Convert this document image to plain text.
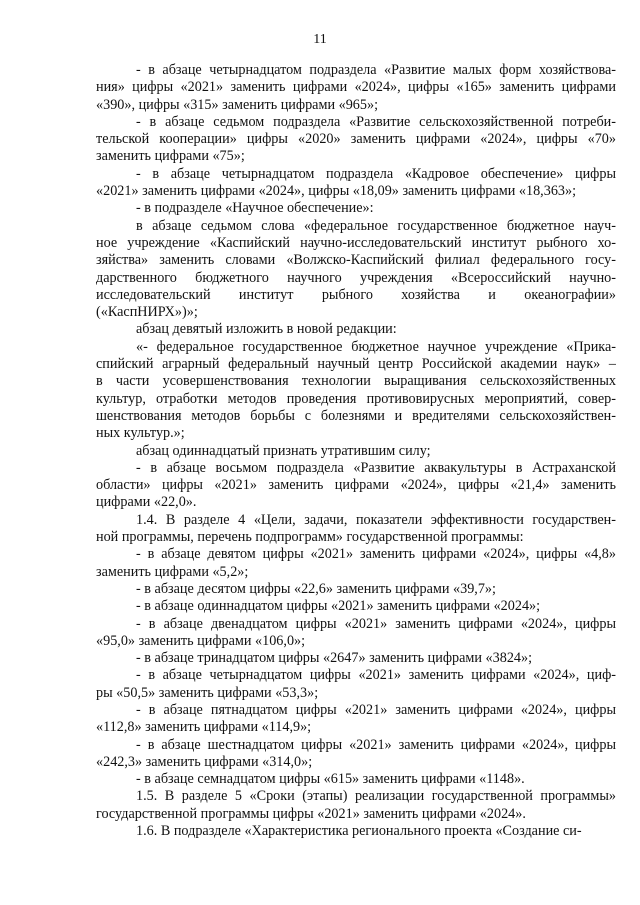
11
- в абзаце четырнадцатом подраздела «Развитие малых форм хозяйствова-
ния» цифры «2021» заменить цифрами «2024», цифры «165» заменить цифрами
«390», цифры «315» заменить цифрами «965»;
- в абзаце седьмом подраздела «Развитие сельскохозяйственной потреби-
тельской кооперации» цифры «2020» заменить цифрами «2024», цифры «70»
заменить цифрами «75»;
- в абзаце четырнадцатом подраздела «Кадровое обеспечение» цифры
«2021» заменить цифрами «2024», цифры «18,09» заменить цифрами «18,363»;
- в подразделе «Научное обеспечение»:
в абзаце седьмом слова «федеральное государственное бюджетное науч-
ное учреждение «Каспийский научно-исследовательский институт рыбного хо-
зяйства» заменить словами «Волжско-Каспийский филиал федерального госу-
дарственного бюджетного научного учреждения «Всероссийский научно-
исследовательский институт рыбного хозяйства и океанографии»
(«КаспНИРХ»)»;
абзац девятый изложить в новой редакции:
«- федеральное государственное бюджетное научное учреждение «Прика-
спийский аграрный федеральный научный центр Российской академии наук» –
в части усовершенствования технологии выращивания сельскохозяйственных
культур, отработки методов проведения противовирусных мероприятий, совер-
шенствования методов борьбы с болезнями и вредителями сельскохозяйствен-
ных культур.»;
абзац одиннадцатый признать утратившим силу;
- в абзаце восьмом подраздела «Развитие аквакультуры в Астраханской
области» цифры «2021» заменить цифрами «2024», цифры «21,4» заменить
цифрами «22,0».
1.4. В разделе 4 «Цели, задачи, показатели эффективности государствен-
ной программы, перечень подпрограмм» государственной программы:
- в абзаце девятом цифры «2021» заменить цифрами «2024», цифры «4,8»
заменить цифрами «5,2»;
- в абзаце десятом цифры «22,6» заменить цифрами «39,7»;
- в абзаце одиннадцатом цифры «2021» заменить цифрами «2024»;
- в абзаце двенадцатом цифры «2021» заменить цифрами «2024», цифры
«95,0» заменить цифрами «106,0»;
- в абзаце тринадцатом цифры «2647» заменить цифрами «3824»;
- в абзаце четырнадцатом цифры «2021» заменить цифрами «2024», циф-
ры «50,5» заменить цифрами «53,3»;
- в абзаце пятнадцатом цифры «2021» заменить цифрами «2024», цифры
«112,8» заменить цифрами «114,9»;
- в абзаце шестнадцатом цифры «2021» заменить цифрами «2024», цифры
«242,3» заменить цифрами «314,0»;
- в абзаце семнадцатом цифры «615» заменить цифрами «1148».
1.5. В разделе 5 «Сроки (этапы) реализации государственной программы»
государственной программы цифры «2021» заменить цифрами «2024».
1.6. В подразделе «Характеристика регионального проекта «Создание си-
